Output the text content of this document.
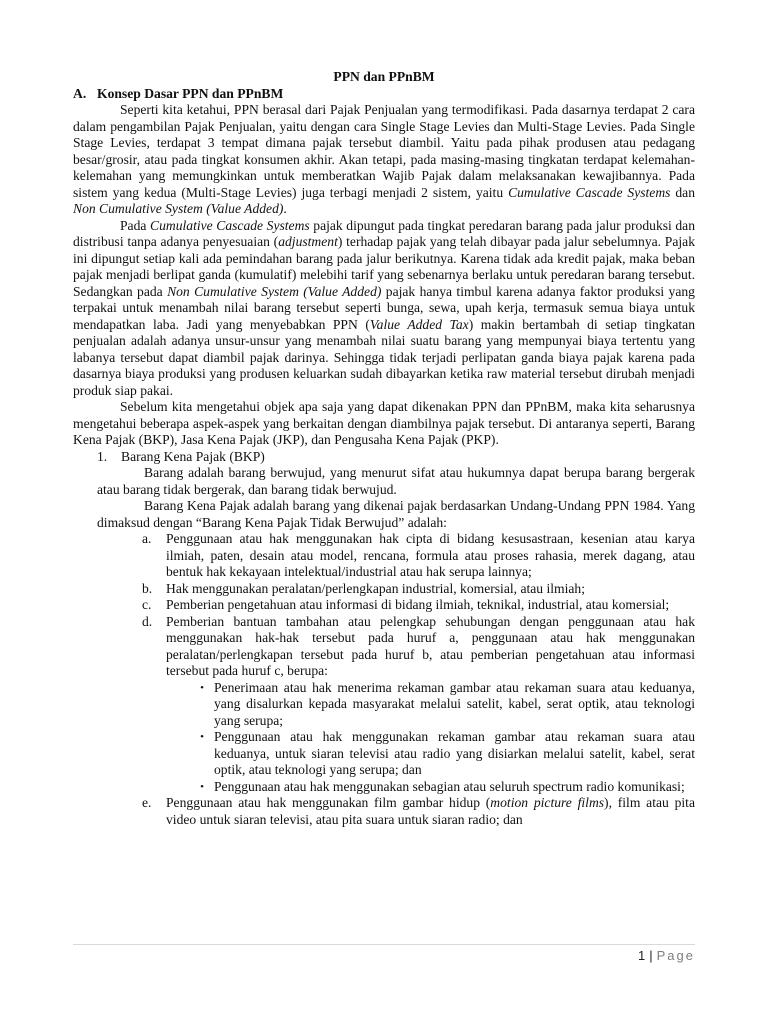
PPN dan PPnBM

A. Konsep Dasar PPN dan PPnBM

Seperti kita ketahui, PPN berasal dari Pajak Penjualan yang termodifikasi. Pada dasarnya terdapat 2 cara dalam pengambilan Pajak Penjualan, yaitu dengan cara Single Stage Levies dan Multi-Stage Levies. Pada Single Stage Levies, terdapat 3 tempat dimana pajak tersebut diambil. Yaitu pada pihak produsen atau pedagang besar/grosir, atau pada tingkat konsumen akhir. Akan tetapi, pada masing-masing tingkatan terdapat kelemahan-kelemahan yang memungkinkan untuk memberatkan Wajib Pajak dalam melaksanakan kewajibannya. Pada sistem yang kedua (Multi-Stage Levies) juga terbagi menjadi 2 sistem, yaitu Cumulative Cascade Systems dan Non Cumulative System (Value Added).

Pada Cumulative Cascade Systems pajak dipungut pada tingkat peredaran barang pada jalur produksi dan distribusi tanpa adanya penyesuaian (adjustment) terhadap pajak yang telah dibayar pada jalur sebelumnya. Pajak ini dipungut setiap kali ada pemindahan barang pada jalur berikutnya. Karena tidak ada kredit pajak, maka beban pajak menjadi berlipat ganda (kumulatif) melebihi tarif yang sebenarnya berlaku untuk peredaran barang tersebut. Sedangkan pada Non Cumulative System (Value Added) pajak hanya timbul karena adanya faktor produksi yang terpakai untuk menambah nilai barang tersebut seperti bunga, sewa, upah kerja, termasuk semua biaya untuk mendapatkan laba. Jadi yang menyebabkan PPN (Value Added Tax) makin bertambah di setiap tingkatan penjualan adalah adanya unsur-unsur yang menambah nilai suatu barang yang mempunyai biaya tertentu yang labanya tersebut dapat diambil pajak darinya. Sehingga tidak terjadi perlipatan ganda biaya pajak karena pada dasarnya biaya produksi yang produsen keluarkan sudah dibayarkan ketika raw material tersebut dirubah menjadi produk siap pakai.

Sebelum kita mengetahui objek apa saja yang dapat dikenakan PPN dan PPnBM, maka kita seharusnya mengetahui beberapa aspek-aspek yang berkaitan dengan diambilnya pajak tersebut. Di antaranya seperti, Barang Kena Pajak (BKP), Jasa Kena Pajak (JKP), dan Pengusaha Kena Pajak (PKP).

1.	Barang Kena Pajak (BKP)

Barang adalah barang berwujud, yang menurut sifat atau hukumnya dapat berupa barang bergerak atau barang tidak bergerak, dan barang tidak berwujud.

Barang Kena Pajak adalah barang yang dikenai pajak berdasarkan Undang-Undang PPN 1984. Yang dimaksud dengan “Barang Kena Pajak Tidak Berwujud” adalah:

a.	Penggunaan atau hak menggunakan hak cipta di bidang kesusastraan, kesenian atau karya ilmiah, paten, desain atau model, rencana, formula atau proses rahasia, merek dagang, atau bentuk hak kekayaan intelektual/industrial atau hak serupa lainnya;
b.	Hak menggunakan peralatan/perlengkapan industrial, komersial, atau ilmiah;
c.	Pemberian pengetahuan atau informasi di bidang ilmiah, teknikal, industrial, atau komersial;
d.	Pemberian bantuan tambahan atau pelengkap sehubungan dengan penggunaan atau hak menggunakan hak-hak tersebut pada huruf a, penggunaan atau hak menggunakan peralatan/perlengkapan tersebut pada huruf b, atau pemberian pengetahuan atau informasi tersebut pada huruf c, berupa:
• Penerimaan atau hak menerima rekaman gambar atau rekaman suara atau keduanya, yang disalurkan kepada masyarakat melalui satelit, kabel, serat optik, atau teknologi yang serupa;
• Penggunaan atau hak menggunakan rekaman gambar atau rekaman suara atau keduanya, untuk siaran televisi atau radio yang disiarkan melalui satelit, kabel, serat optik, atau teknologi yang serupa; dan
• Penggunaan atau hak menggunakan sebagian atau seluruh spectrum radio komunikasi;
e.	Penggunaan atau hak menggunakan film gambar hidup (motion picture films), film atau pita video untuk siaran televisi, atau pita suara untuk siaran radio; dan
1 | Page
